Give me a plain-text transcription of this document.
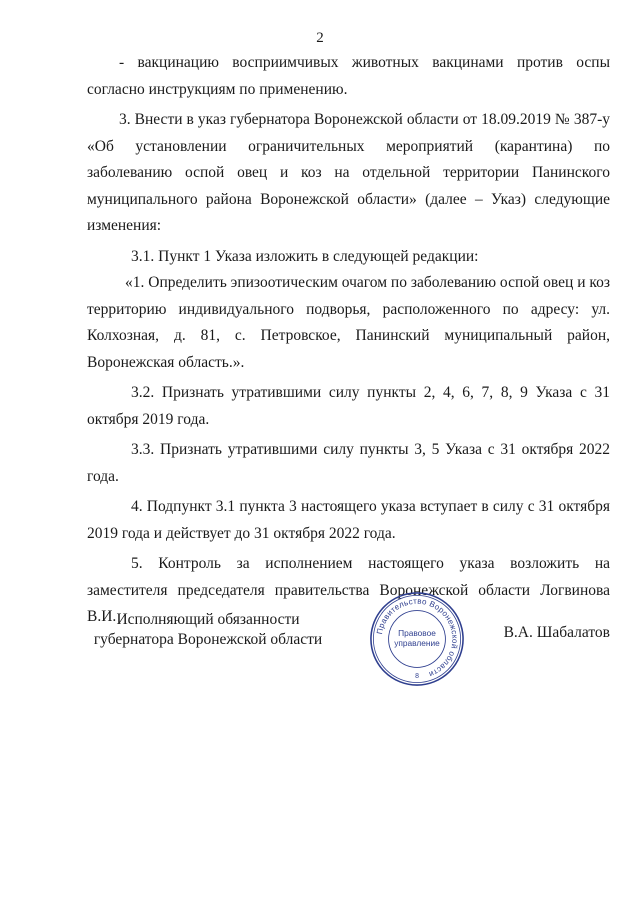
2

- вакцинацию восприимчивых животных вакцинами против оспы согласно инструкциям по применению.

3. Внести в указ губернатора Воронежской области от 18.09.2019 № 387-у «Об установлении ограничительных мероприятий (карантина) по заболеванию оспой овец и коз на отдельной территории Панинского муниципального района Воронежской области» (далее – Указ) следующие изменения:

3.1. Пункт 1 Указа изложить в следующей редакции:

«1. Определить эпизоотическим очагом по заболеванию оспой овец и коз территорию индивидуального подворья, расположенного по адресу: ул. Колхозная, д. 81, с. Петровское, Панинский муниципальный район, Воронежская область.».

3.2. Признать утратившими силу пункты 2, 4, 6, 7, 8, 9 Указа с 31 октября 2019 года.

3.3. Признать утратившими силу пункты 3, 5 Указа с 31 октября 2022 года.

4. Подпункт 3.1 пункта 3 настоящего указа вступает в силу с 31 октября 2019 года и действует до 31 октября 2022 года.

5. Контроль за исполнением настоящего указа возложить на заместителя председателя правительства Воронежской области Логвинова В.И. Исполняющий обязанности
губернатора Воронежской области	Правительство Воронежской области
Правовое
управление
8
В.А. Шабалатов
